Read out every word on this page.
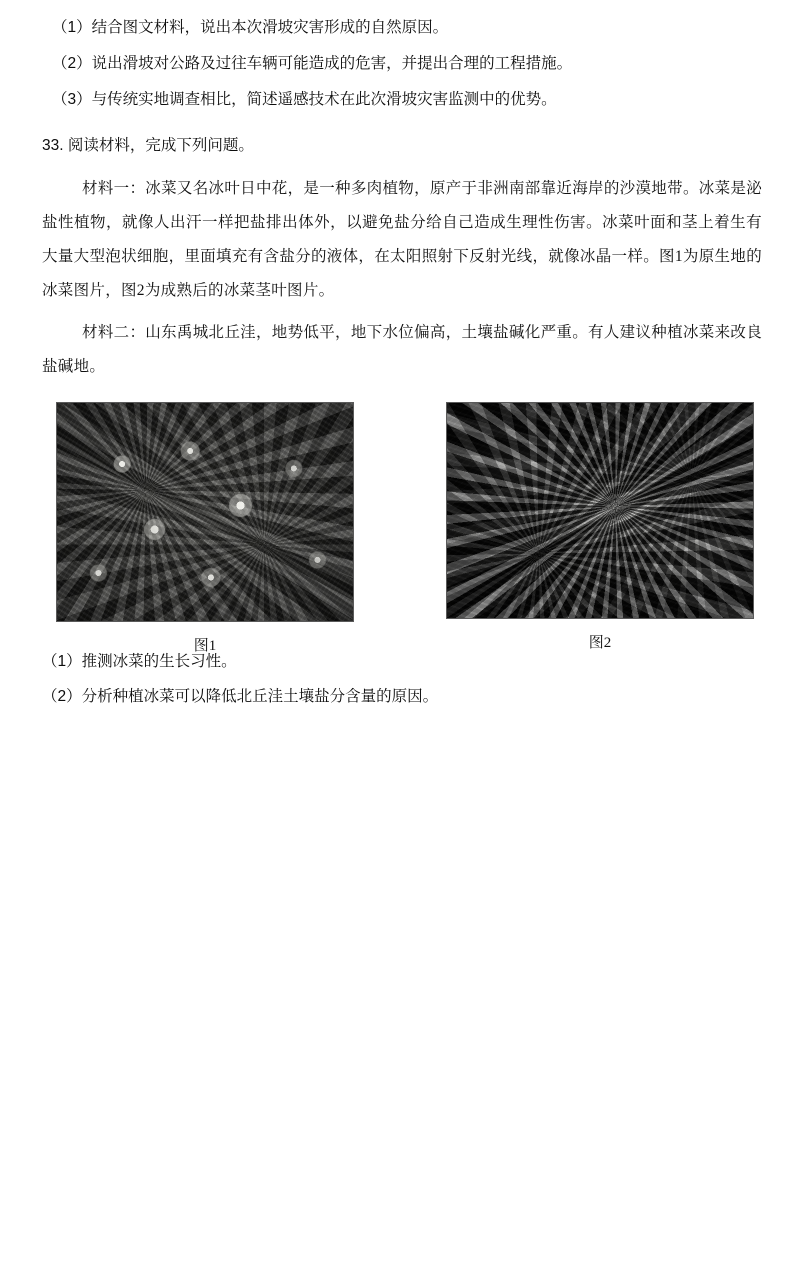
（1）结合图文材料，说出本次滑坡灾害形成的自然原因。
（2）说出滑坡对公路及过往车辆可能造成的危害，并提出合理的工程措施。
（3）与传统实地调查相比，简述遥感技术在此次滑坡灾害监测中的优势。
33. 阅读材料，完成下列问题。
材料一：冰菜又名冰叶日中花，是一种多肉植物，原产于非洲南部靠近海岸的沙漠地带。冰菜是泌盐性植物，就像人出汗一样把盐排出体外，以避免盐分给自己造成生理性伤害。冰菜叶面和茎上着生有大量大型泡状细胞，里面填充有含盐分的液体，在太阳照射下反射光线，就像冰晶一样。图1为原生地的冰菜图片，图2为成熟后的冰菜茎叶图片。
材料二：山东禹城北丘洼，地势低平，地下水位偏高，土壤盐碱化严重。有人建议种植冰菜来改良盐碱地。
图1	图2
（1）推测冰菜的生长习性。
（2）分析种植冰菜可以降低北丘洼土壤盐分含量的原因。
